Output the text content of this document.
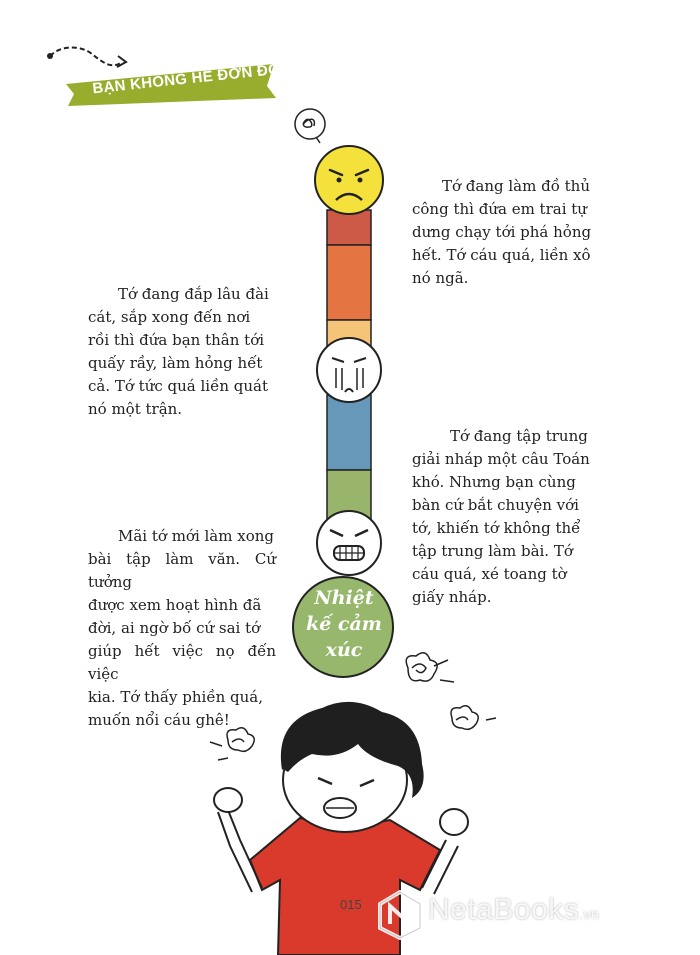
BẠN KHÔNG HỀ ĐƠN ĐỘC
Nhiệt
kế cảm
xúc

Tớ đang làm đồ thủ
công thì đứa em trai tự
dưng chạy tới phá hỏng
hết. Tớ cáu quá, liền xô
nó ngã.

Tớ đang đắp lâu đài
cát, sắp xong đến nơi
rồi thì đứa bạn thân tới
quấy rầy, làm hỏng hết
cả. Tớ tức quá liền quát
nó một trận.

Tớ đang tập trung
giải nháp một câu Toán
khó. Nhưng bạn cùng
bàn cứ bắt chuyện với
tớ, khiến tớ không thể
tập trung làm bài. Tớ
cáu quá, xé toang tờ
giấy nháp.

Mãi tớ mới làm xong
bài tập làm văn. Cứ tưởng
được xem hoạt hình đã
đời, ai ngờ bố cứ sai tớ
giúp hết việc nọ đến việc
kia. Tớ thấy phiền quá,
muốn nổi cáu ghê!

015 NetaBooks.vn
